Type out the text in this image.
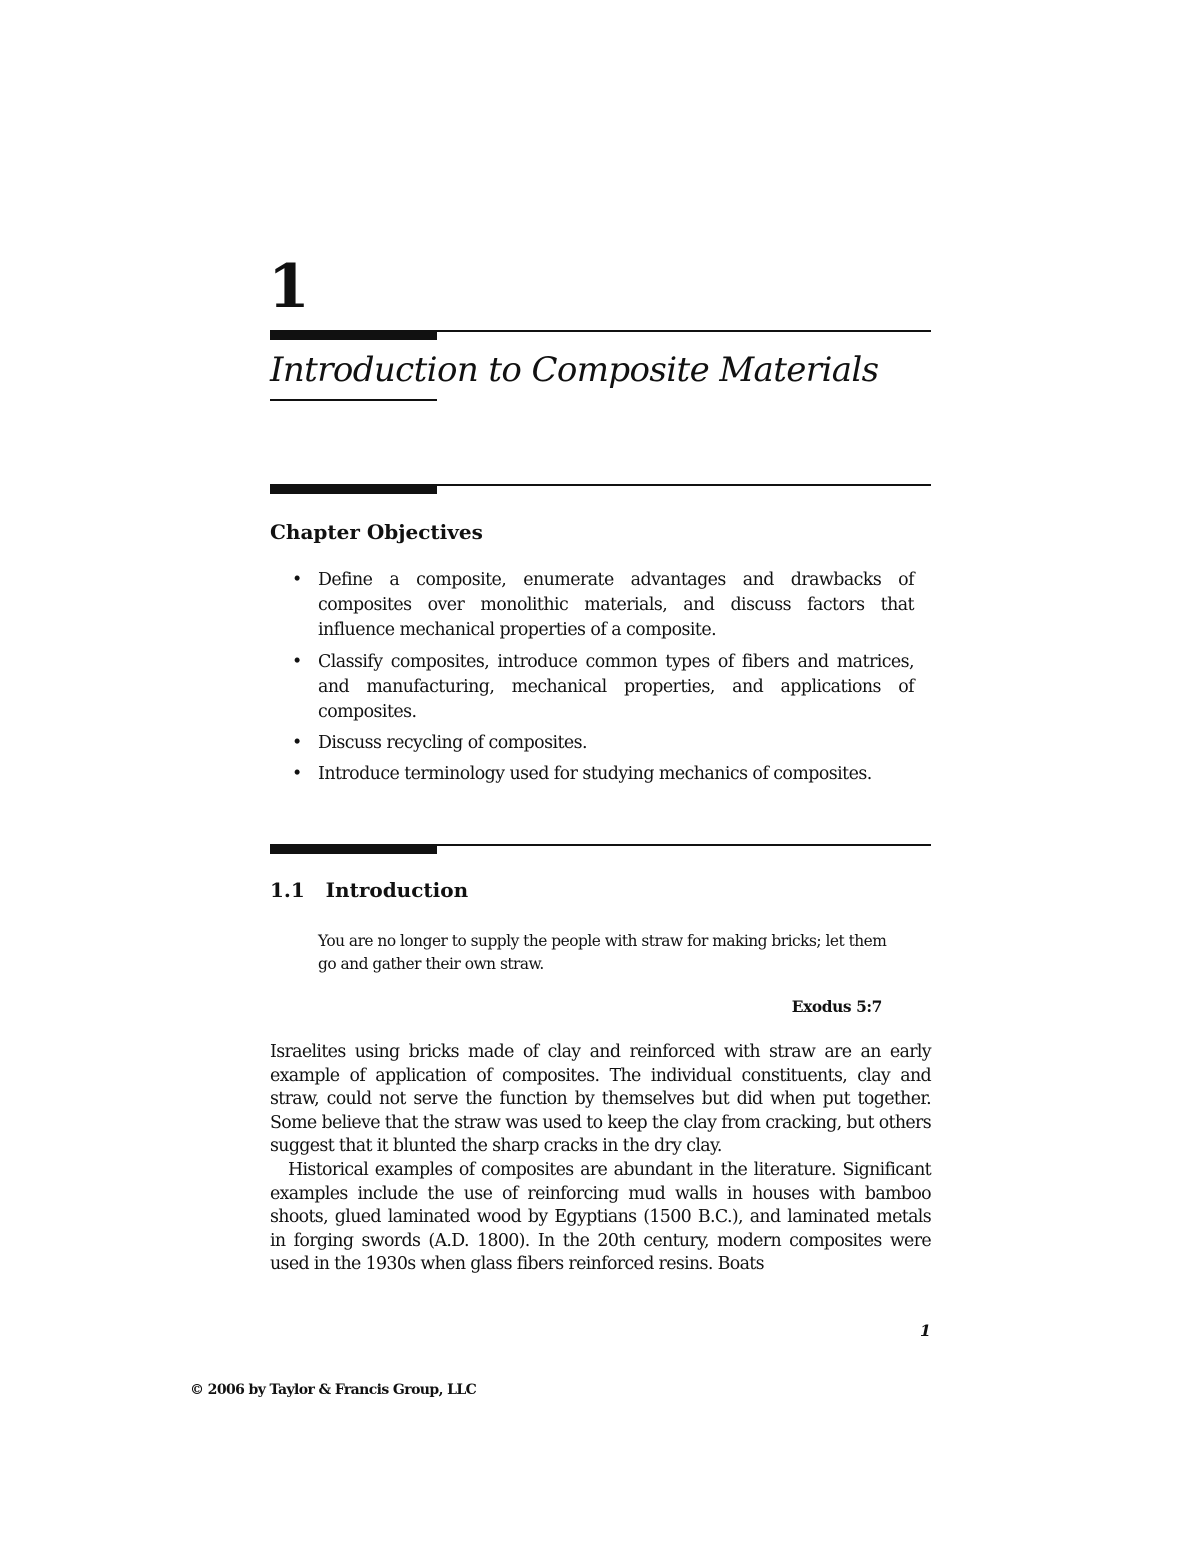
1
Introduction to Composite Materials
Chapter Objectives
• Define a composite, enumerate advantages and drawbacks of composites over monolithic materials, and discuss factors that influence mechanical properties of a composite.
• Classify composites, introduce common types of fibers and matrices, and manufacturing, mechanical properties, and applications of composites.
• Discuss recycling of composites.
• Introduce terminology used for studying mechanics of composites.
1.1   Introduction

You are no longer to supply the people with straw for making bricks; let them go and gather their own straw.

Exodus 5:7

Israelites using bricks made of clay and reinforced with straw are an early example of application of composites. The individual constituents, clay and straw, could not serve the function by themselves but did when put together. Some believe that the straw was used to keep the clay from cracking, but others suggest that it blunted the sharp cracks in the dry clay.

Historical examples of composites are abundant in the literature. Significant examples include the use of reinforcing mud walls in houses with bamboo shoots, glued laminated wood by Egyptians (1500 B.C.), and laminated metals in forging swords (A.D. 1800). In the 20th century, modern composites were used in the 1930s when glass fibers reinforced resins. Boats

1

© 2006 by Taylor & Francis Group, LLC
